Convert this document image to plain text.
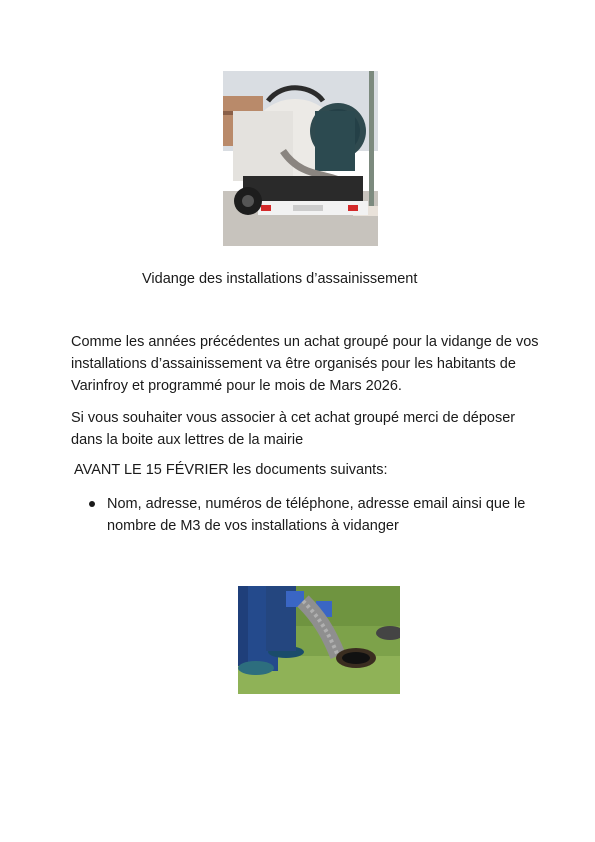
Vidange des installations d’assainissement
Comme les années précédentes un achat groupé pour la vidange de vos installations d’assainissement va être organisés pour les habitants de Varinfroy et programmé pour le mois de Mars 2026.
Si vous souhaiter vous associer à cet achat groupé merci de déposer dans la boite aux lettres de la mairie
AVANT LE 15 FÉVRIER les documents suivants:
Nom, adresse, numéros de téléphone, adresse email ainsi que le nombre de M3 de vos installations à vidanger
